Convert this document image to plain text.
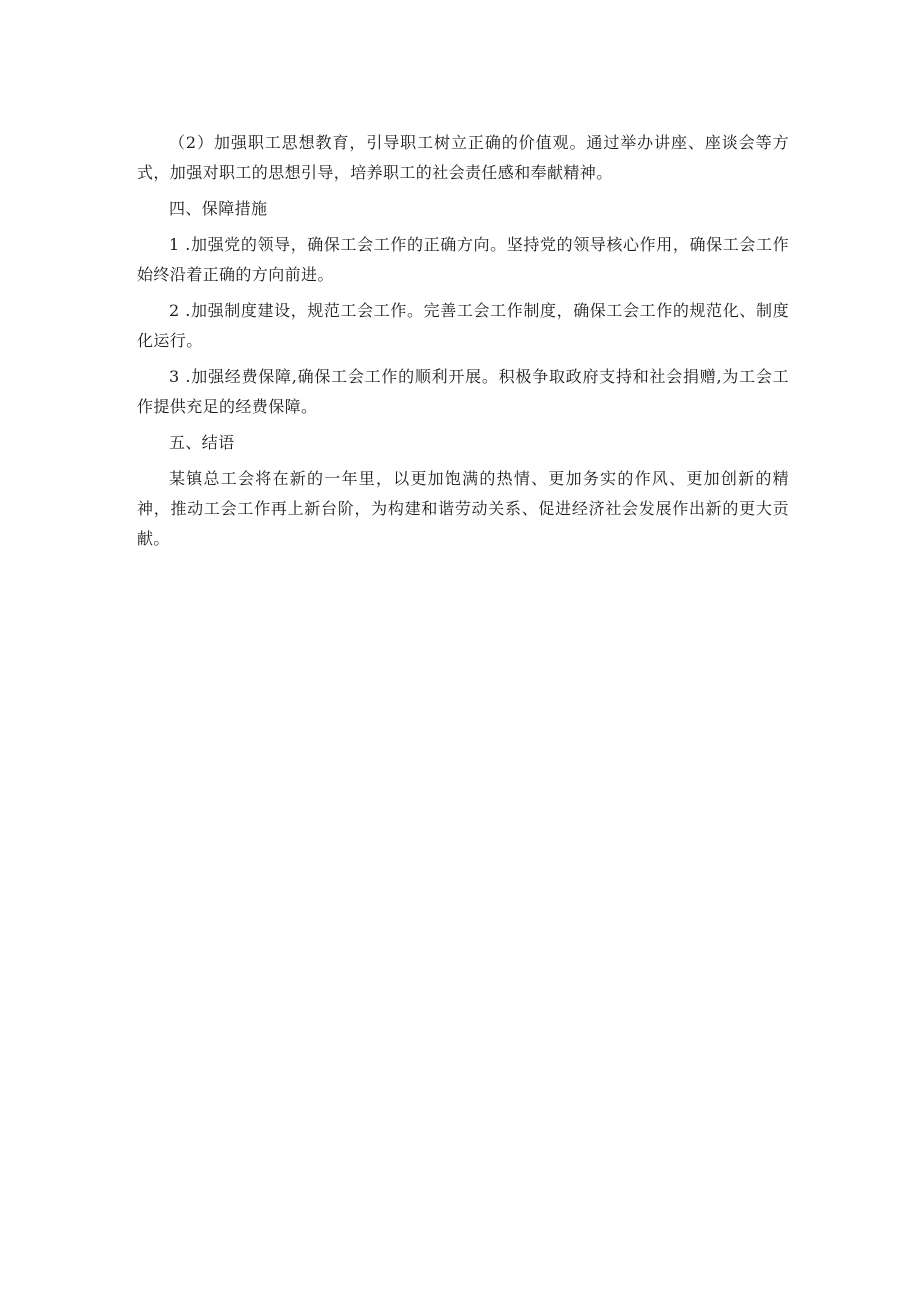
（2）加强职工思想教育，引导职工树立正确的价值观。通过举办讲座、座谈会等方式，加强对职工的思想引导，培养职工的社会责任感和奉献精神。

四、保障措施

1 .加强党的领导，确保工会工作的正确方向。坚持党的领导核心作用，确保工会工作始终沿着正确的方向前进。

2 .加强制度建设，规范工会工作。完善工会工作制度，确保工会工作的规范化、制度化运行。

3 .加强经费保障,确保工会工作的顺利开展。积极争取政府支持和社会捐赠,为工会工作提供充足的经费保障。

五、结语

某镇总工会将在新的一年里，以更加饱满的热情、更加务实的作风、更加创新的精神，推动工会工作再上新台阶，为构建和谐劳动关系、促进经济社会发展作出新的更大贡献。
